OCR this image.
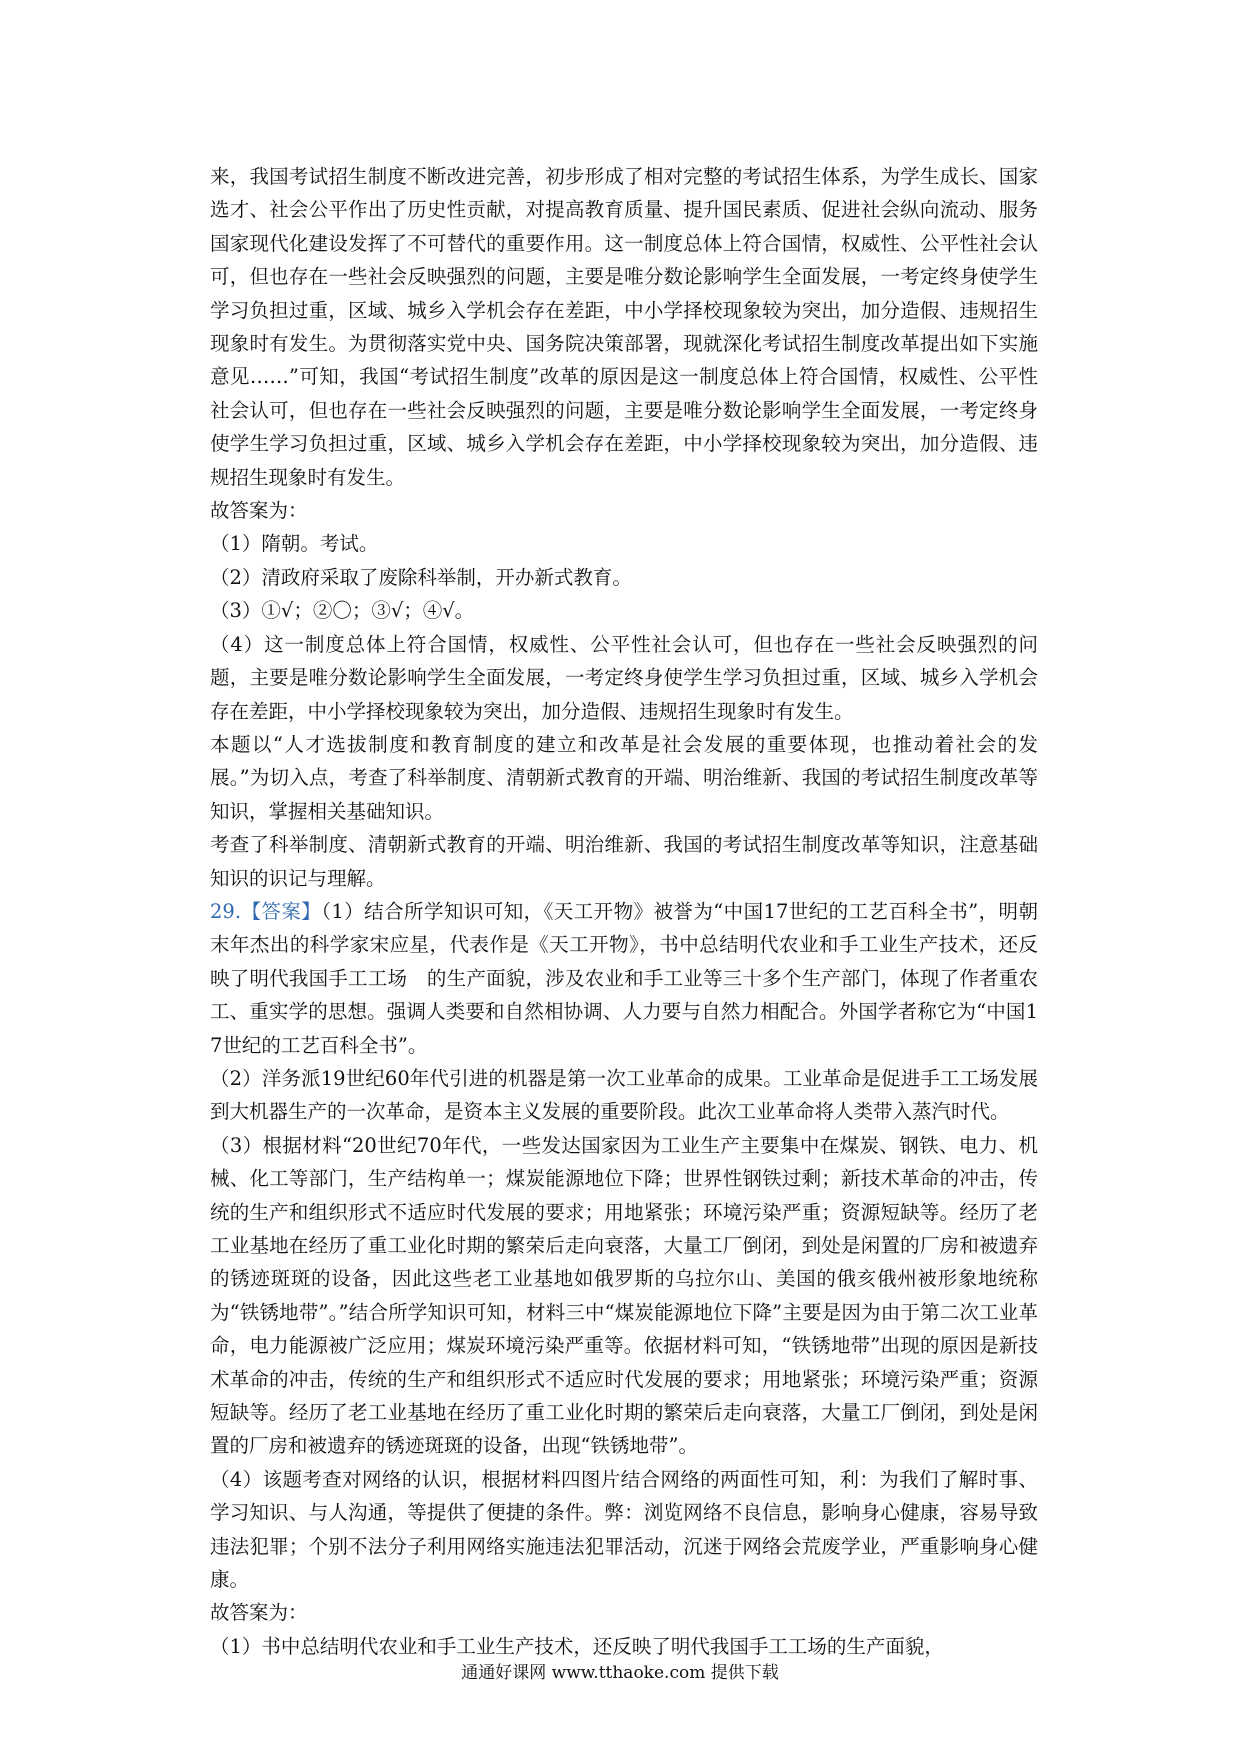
来，我国考试招生制度不断改进完善，初步形成了相对完整的考试招生体系，为学生成长、国家选才、社会公平作出了历史性贡献，对提高教育质量、提升国民素质、促进社会纵向流动、服务国家现代化建设发挥了不可替代的重要作用。这一制度总体上符合国情，权威性、公平性社会认可，但也存在一些社会反映强烈的问题，主要是唯分数论影响学生全面发展，一考定终身使学生学习负担过重，区域、城乡入学机会存在差距，中小学择校现象较为突出，加分造假、违规招生现象时有发生。为贯彻落实党中央、国务院决策部署，现就深化考试招生制度改革提出如下实施意见……”可知，我国“考试招生制度”改革的原因是这一制度总体上符合国情，权威性、公平性社会认可，但也存在一些社会反映强烈的问题，主要是唯分数论影响学生全面发展，一考定终身使学生学习负担过重，区域、城乡入学机会存在差距，中小学择校现象较为突出，加分造假、违规招生现象时有发生。

故答案为：

（1）隋朝。考试。

（2）清政府采取了废除科举制，开办新式教育。

（3）①√；②〇；③√；④√。

（4）这一制度总体上符合国情，权威性、公平性社会认可，但也存在一些社会反映强烈的问题，主要是唯分数论影响学生全面发展，一考定终身使学生学习负担过重，区域、城乡入学机会存在差距，中小学择校现象较为突出，加分造假、违规招生现象时有发生。

本题以“人才选拔制度和教育制度的建立和改革是社会发展的重要体现，也推动着社会的发展。”为切入点，考查了科举制度、清朝新式教育的开端、明治维新、我国的考试招生制度改革等知识，掌握相关基础知识。

考查了科举制度、清朝新式教育的开端、明治维新、我国的考试招生制度改革等知识，注意基础知识的识记与理解。

29.【答案】（1）结合所学知识可知，《天工开物》被誉为“中国17世纪的工艺百科全书”，明朝末年杰出的科学家宋应星，代表作是《天工开物》，书中总结明代农业和手工业生产技术，还反映了明代我国手工工场　的生产面貌，涉及农业和手工业等三十多个生产部门，体现了作者重农工、重实学的思想。强调人类要和自然相协调、人力要与自然力相配合。外国学者称它为“中国17世纪的工艺百科全书”。

（2）洋务派19世纪60年代引进的机器是第一次工业革命的成果。工业革命是促进手工工场发展到大机器生产的一次革命，是资本主义发展的重要阶段。此次工业革命将人类带入蒸汽时代。

（3）根据材料“20世纪70年代，一些发达国家因为工业生产主要集中在煤炭、钢铁、电力、机械、化工等部门，生产结构单一；煤炭能源地位下降；世界性钢铁过剩；新技术革命的冲击，传统的生产和组织形式不适应时代发展的要求；用地紧张；环境污染严重；资源短缺等。经历了老工业基地在经历了重工业化时期的繁荣后走向衰落，大量工厂倒闭，到处是闲置的厂房和被遗弃的锈迹斑斑的设备，因此这些老工业基地如俄罗斯的乌拉尔山、美国的俄亥俄州被形象地统称为“铁锈地带”。”结合所学知识可知，材料三中“煤炭能源地位下降”主要是因为由于第二次工业革命，电力能源被广泛应用；煤炭环境污染严重等。依据材料可知，“铁锈地带”出现的原因是新技术革命的冲击，传统的生产和组织形式不适应时代发展的要求；用地紧张；环境污染严重；资源短缺等。经历了老工业基地在经历了重工业化时期的繁荣后走向衰落，大量工厂倒闭，到处是闲置的厂房和被遗弃的锈迹斑斑的设备，出现“铁锈地带”。

（4）该题考查对网络的认识，根据材料四图片结合网络的两面性可知，利：为我们了解时事、学习知识、与人沟通，等提供了便捷的条件。弊：浏览网络不良信息，影响身心健康，容易导致违法犯罪；个别不法分子利用网络实施违法犯罪活动，沉迷于网络会荒废学业，严重影响身心健康。

故答案为：

（1）书中总结明代农业和手工业生产技术，还反映了明代我国手工工场的生产面貌，

通通好课网 www.tthaoke.com 提供下载
